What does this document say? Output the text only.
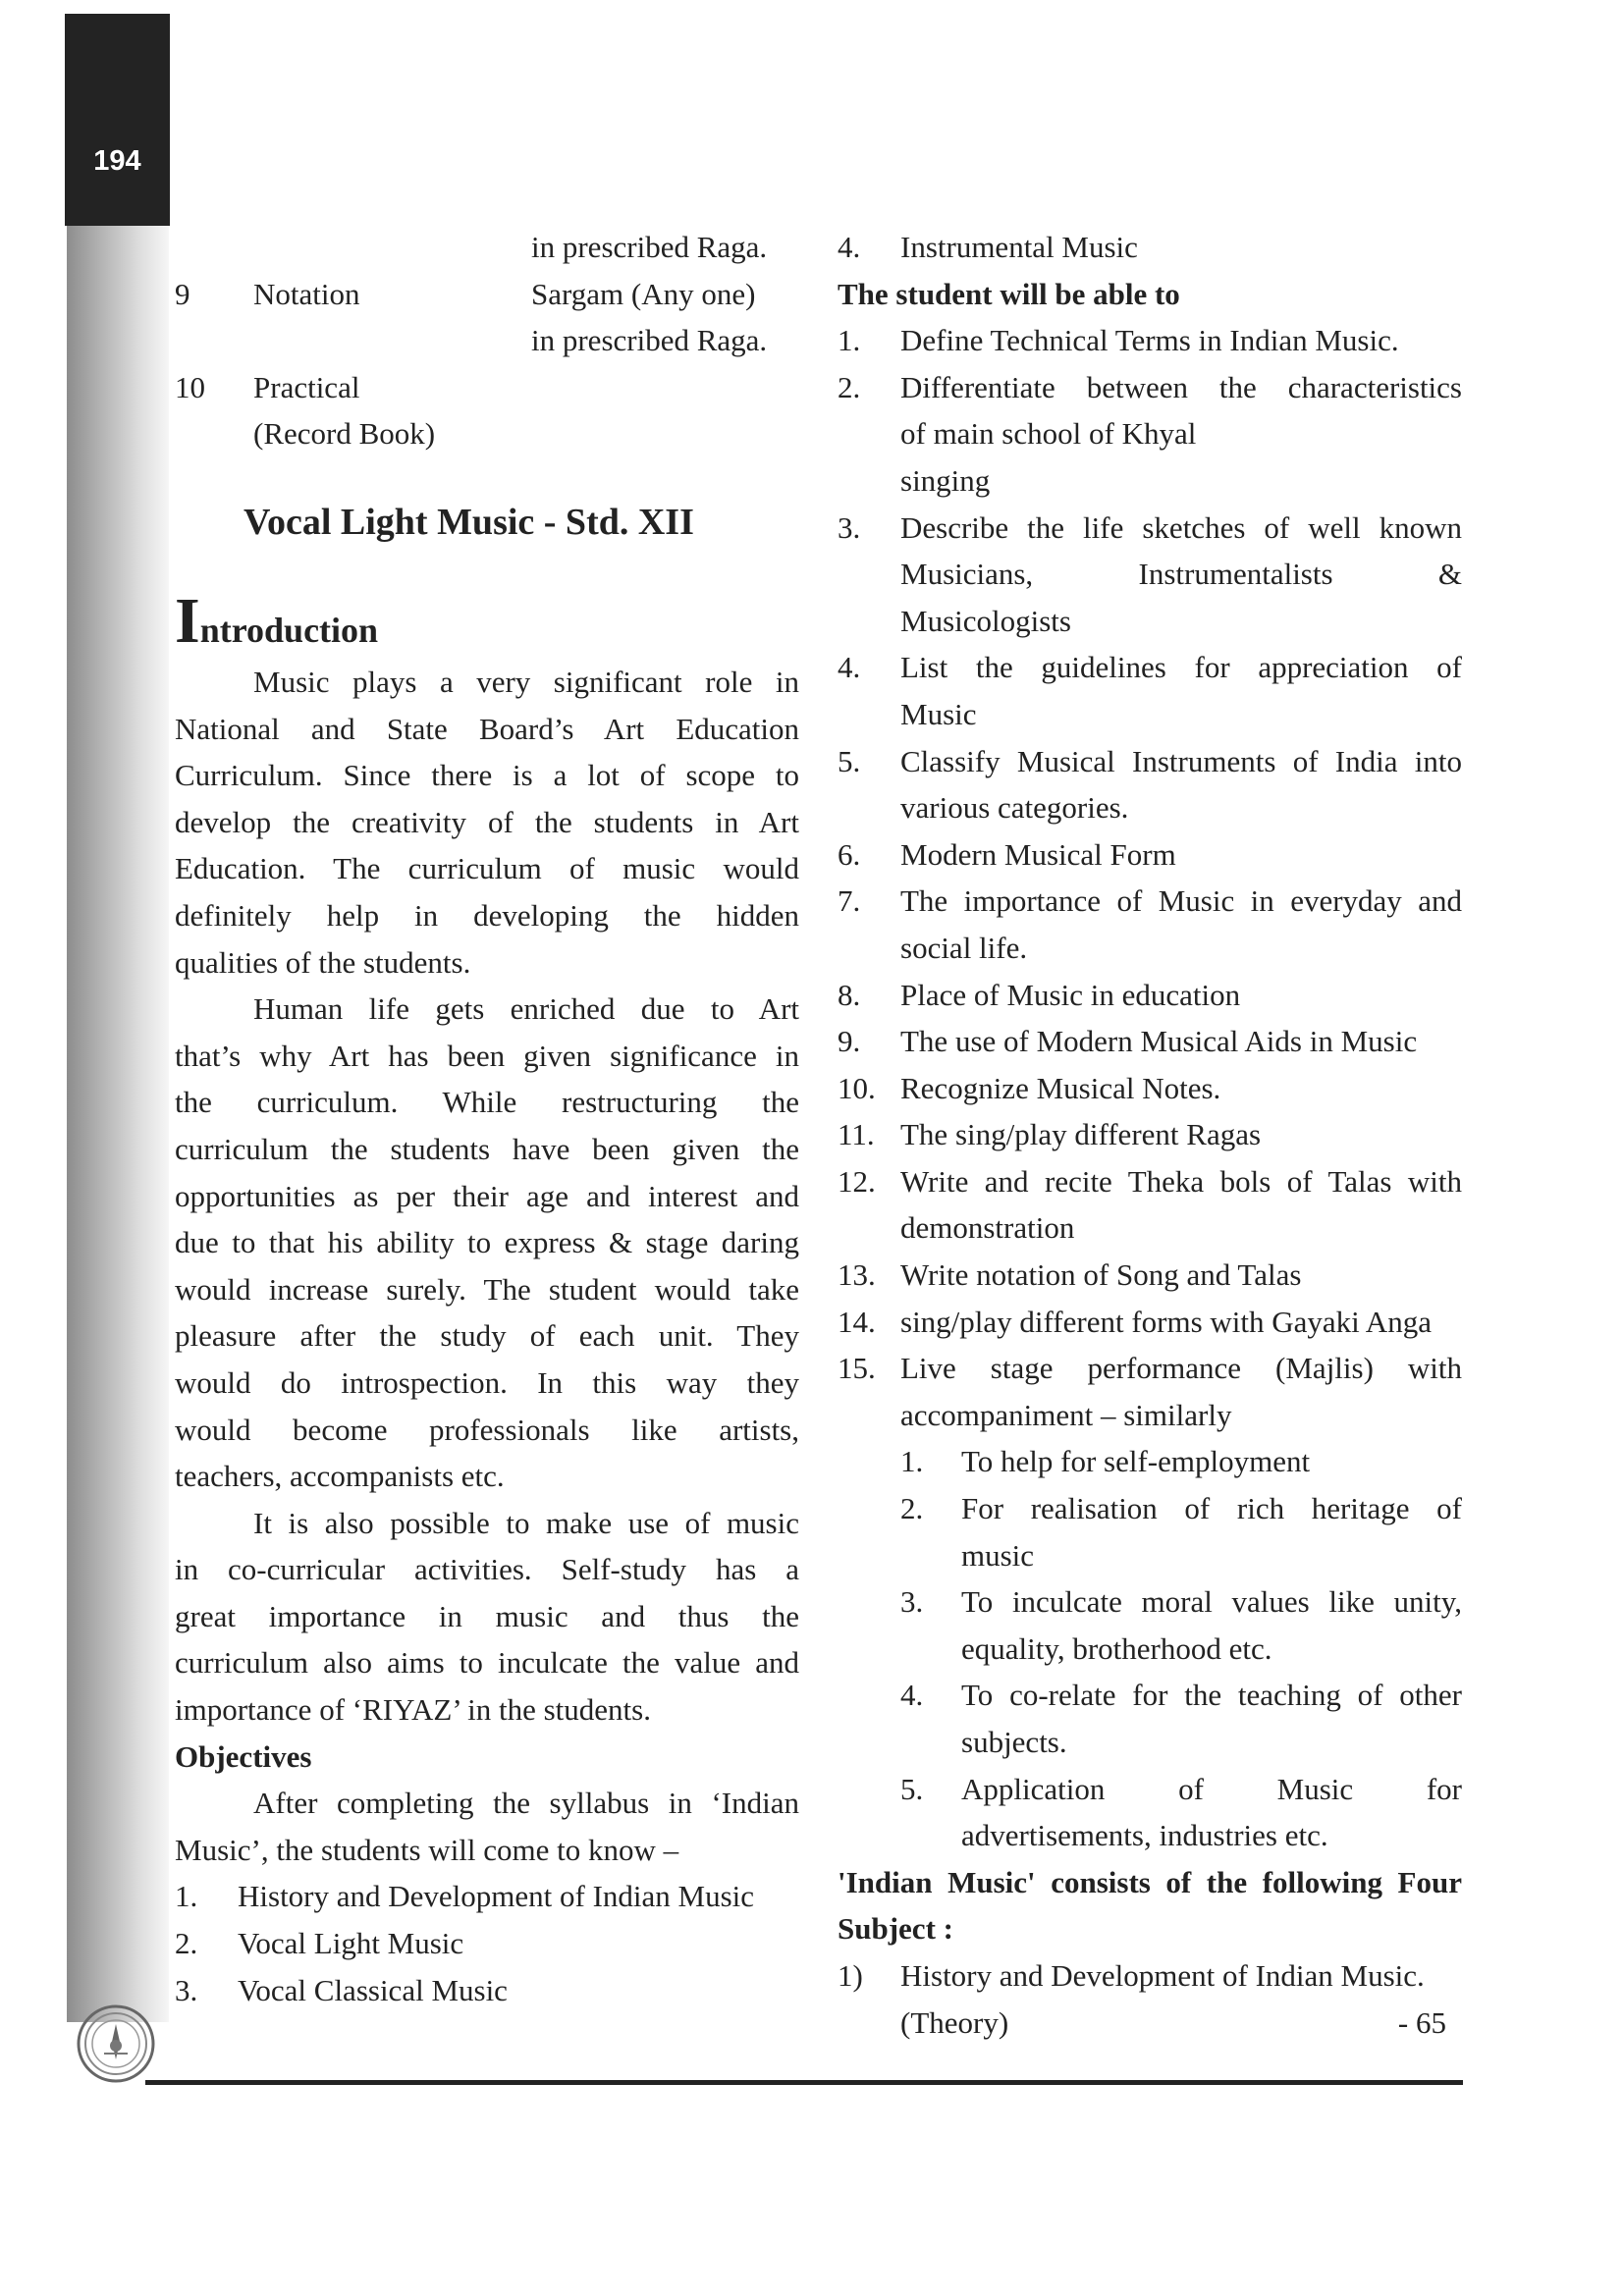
194
in prescribed Raga.
9 Notation	Sargam (Any one)
in prescribed Raga.
10 Practical
(Record Book)
Vocal Light Music - Std. XII
Introduction
Music plays a very significant role in
National and State Board’s Art Education
Curriculum. Since there is a lot of scope to
develop the creativity of the students in Art
Education. The curriculum of music would
definitely help in developing the hidden
qualities of the students.
Human life gets enriched due to Art
that’s why Art has been given significance in
the curriculum. While restructuring the
curriculum the students have been given the
opportunities as per their age and interest and
due to that his ability to express & stage daring
would increase surely. The student would take
pleasure after the study of each unit. They
would do introspection. In this way they
would become professionals like artists,
teachers, accompanists etc.
It is also possible to make use of music
in co-curricular activities. Self-study has a
great importance in music and thus the
curriculum also aims to inculcate the value and
importance of ‘RIYAZ’ in the students.
Objectives
After completing the syllabus in ‘Indian
Music’, the students will come to know –
1. History and Development of Indian Music
2. Vocal Light Music
3. Vocal Classical Music
4. Instrumental Music
The student will be able to
1. Define Technical Terms in Indian Music.
2. Differentiate between the characteristics
of main school of Khyal
singing
3. Describe the life sketches of well known
Musicians, Instrumentalists &
Musicologists
4. List the guidelines for appreciation of
Music
5. Classify Musical Instruments of India into
various categories.
6. Modern Musical Form
7. The importance of Music in everyday and
social life.
8. Place of Music in education
9. The use of Modern Musical Aids in Music
10. Recognize Musical Notes.
11. The sing/play different Ragas
12. Write and recite Theka bols of Talas with
demonstration
13. Write notation of Song and Talas
14. sing/play different forms with Gayaki Anga
15. Live stage performance (Majlis) with
accompaniment – similarly
1. To help for self-employment
2. For realisation of rich heritage of
music
3. To inculcate moral values like unity,
equality, brotherhood etc.
4. To co-relate for the teaching of other
subjects.
5. Application of Music for
advertisements, industries etc.
'Indian Music' consists of the following Four
Subject :
1) History and Development of Indian Music.
(Theory)	- 65
